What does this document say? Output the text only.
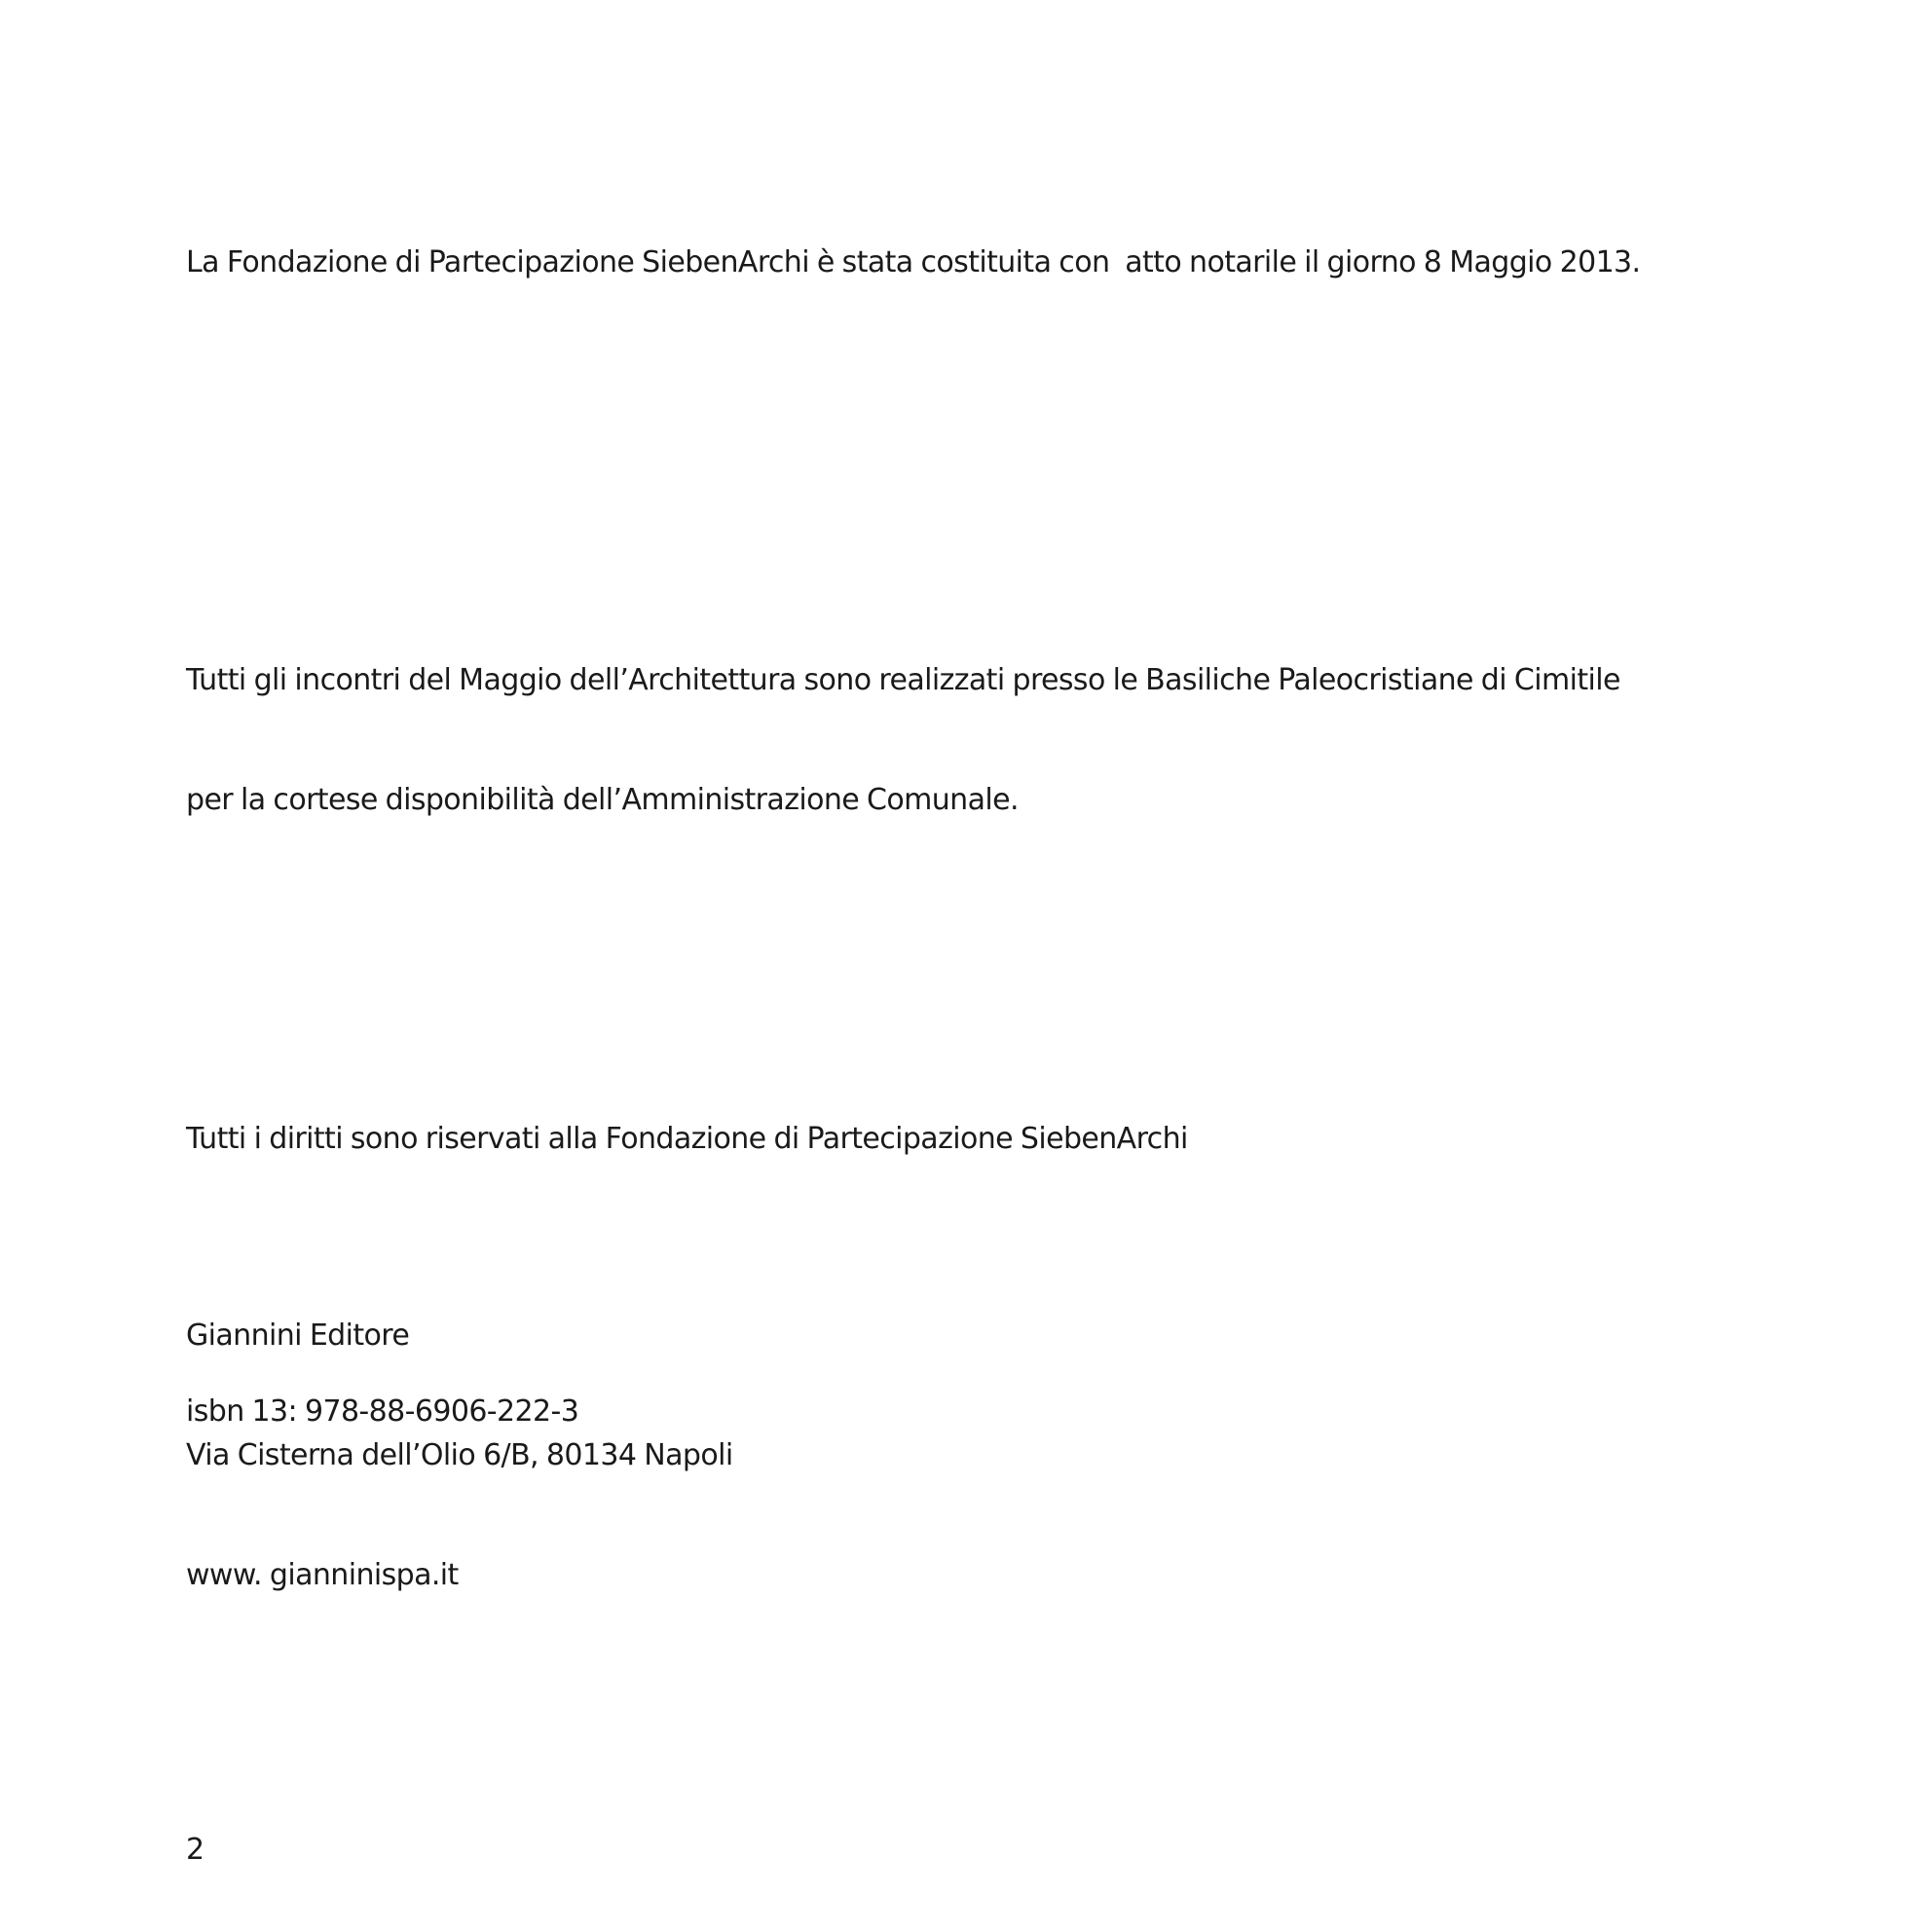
La Fondazione di Partecipazione SiebenArchi è stata costituita con  atto notarile il giorno 8 Maggio 2013.

Tutti gli incontri del Maggio dell’Architettura sono realizzati presso le Basiliche Paleocristiane di Cimitile

per la cortese disponibilità dell’Amministrazione Comunale.

Tutti i diritti sono riservati alla Fondazione di Partecipazione SiebenArchi

Giannini Editore

Via Cisterna dell’Olio 6/B, 80134 Napoli

www. gianninispa.it

isbn 13: 978-88-6906-222-3

2
